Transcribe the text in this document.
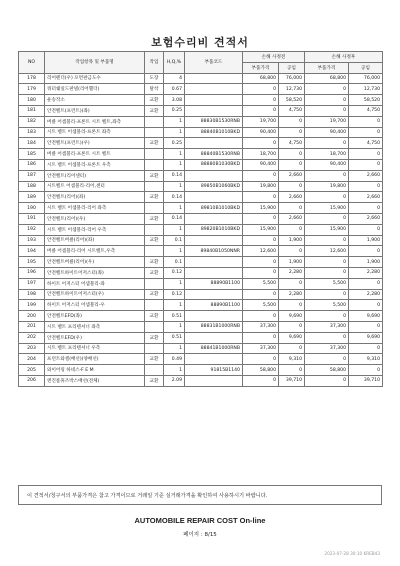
보험수리비 견적서
NO	작업항목 및 부품명	작업	H,Q,%	부품코드	손해 사정전		손해 사정후	
					부품가격	공임	부품가격	공임
178	리어펜더(우) 포면판금도수	도장	4		68,800	76,000	68,800	76,000
179	쿼터쉐일드판넬(리어휀더)	탈착	0.67		0	12,730	0	12,730
180	운송작소	교환	3.08		0	58,520	0	58,520
181	안전벨트(프런트)(좌)	교환	0.25		0	4,750	0	4,750
182	버클 어셈블리-프론트 시트 벨트,좌측		1	88830B1530RNB	19,700	0	19,700	0
183	시트 벨트 어셈블리-프론트 좌측		1	88840B1010BKD	90,400	0	90,400	0
184	안전벨트(프런트)(우)	교환	0.25		0	4,750	0	4,750
185	버클 어셈블리-프론트 시트 벨트		1	88840B1530RNB	18,700	0	18,700	0
186	시트 벨트 어셈블리-프론트 우측		1	88880B1030BKD	90,400	0	90,400	0
187	안전벨트(리어센터)	교환	0.14		0	2,660	0	2,660
188	시트벨트 어셈블리-리어,센터		1	89850B1060BKD	19,800	0	19,800	0
189	안전벨트(리어)(좌)	교환	0.14		0	2,660	0	2,660
190	시트 벨트 어셈블리-리어 좌측		1	89810B1010BKD	15,900	0	15,900	0
191	안전벨트(리어)(우)	교환	0.14		0	2,660	0	2,660
192	시트 벨트 어셈블리-리어 우측		1	89820B1010BKD	15,900	0	15,900	0
193	안전벨트버클(리어)(좌)	교환	0.1		0	1,900	0	1,900
194	버클 어셈블리-리어 시트벨트,우측		1	89840B1050NNR	12,600	0	12,600	0
195	안전벨트버클(리어)(우)	교환	0.1		0	1,900	0	1,900
196	안전벨트하이트어저스터(좌)	교환	0.12		0	2,280	0	2,280
197	하이트 어저스터 어셈블리-좌		1	88890B1100	5,500	0	5,500	0
198	안전벨트하이트어저스터(우)	교환	0.12		0	2,280	0	2,280
199	하이트 어저스터 어셈블리-우		1	88890B1100	5,500	0	5,500	0
200	안전벨트EFD(좌)	교환	0.51		0	9,690	0	9,690
201	시트 벨트 프리텐셔너 좌측		1	88831B1000RNB	37,300	0	37,300	0
202	안전벨트EFD(우)	교환	0.51		0	9,690	0	9,690
203	시트 벨트 프리텐셔너 우측		1	88841B1000RNB	37,300	0	37,300	0
204	프런트와셀(배선)(양배선)	교환	0.49		0	9,310	0	9,310
205	와이어링 하네스-F E M		1	91815B1140	58,800	0	58,800	0
206	엔진룸휴즈박스배선(전체)	교환	2.09		0	39,710	0	39,710
이 견적서/청구서의 부품가격은 참고 가격이므로 거래일 기준 실거래가격을 확인하여 사용하시기 바랍니다.
AUTOMOBILE REPAIR COST On-line
페이지 : 8/15
2023-07-28 30:10 KREB43
